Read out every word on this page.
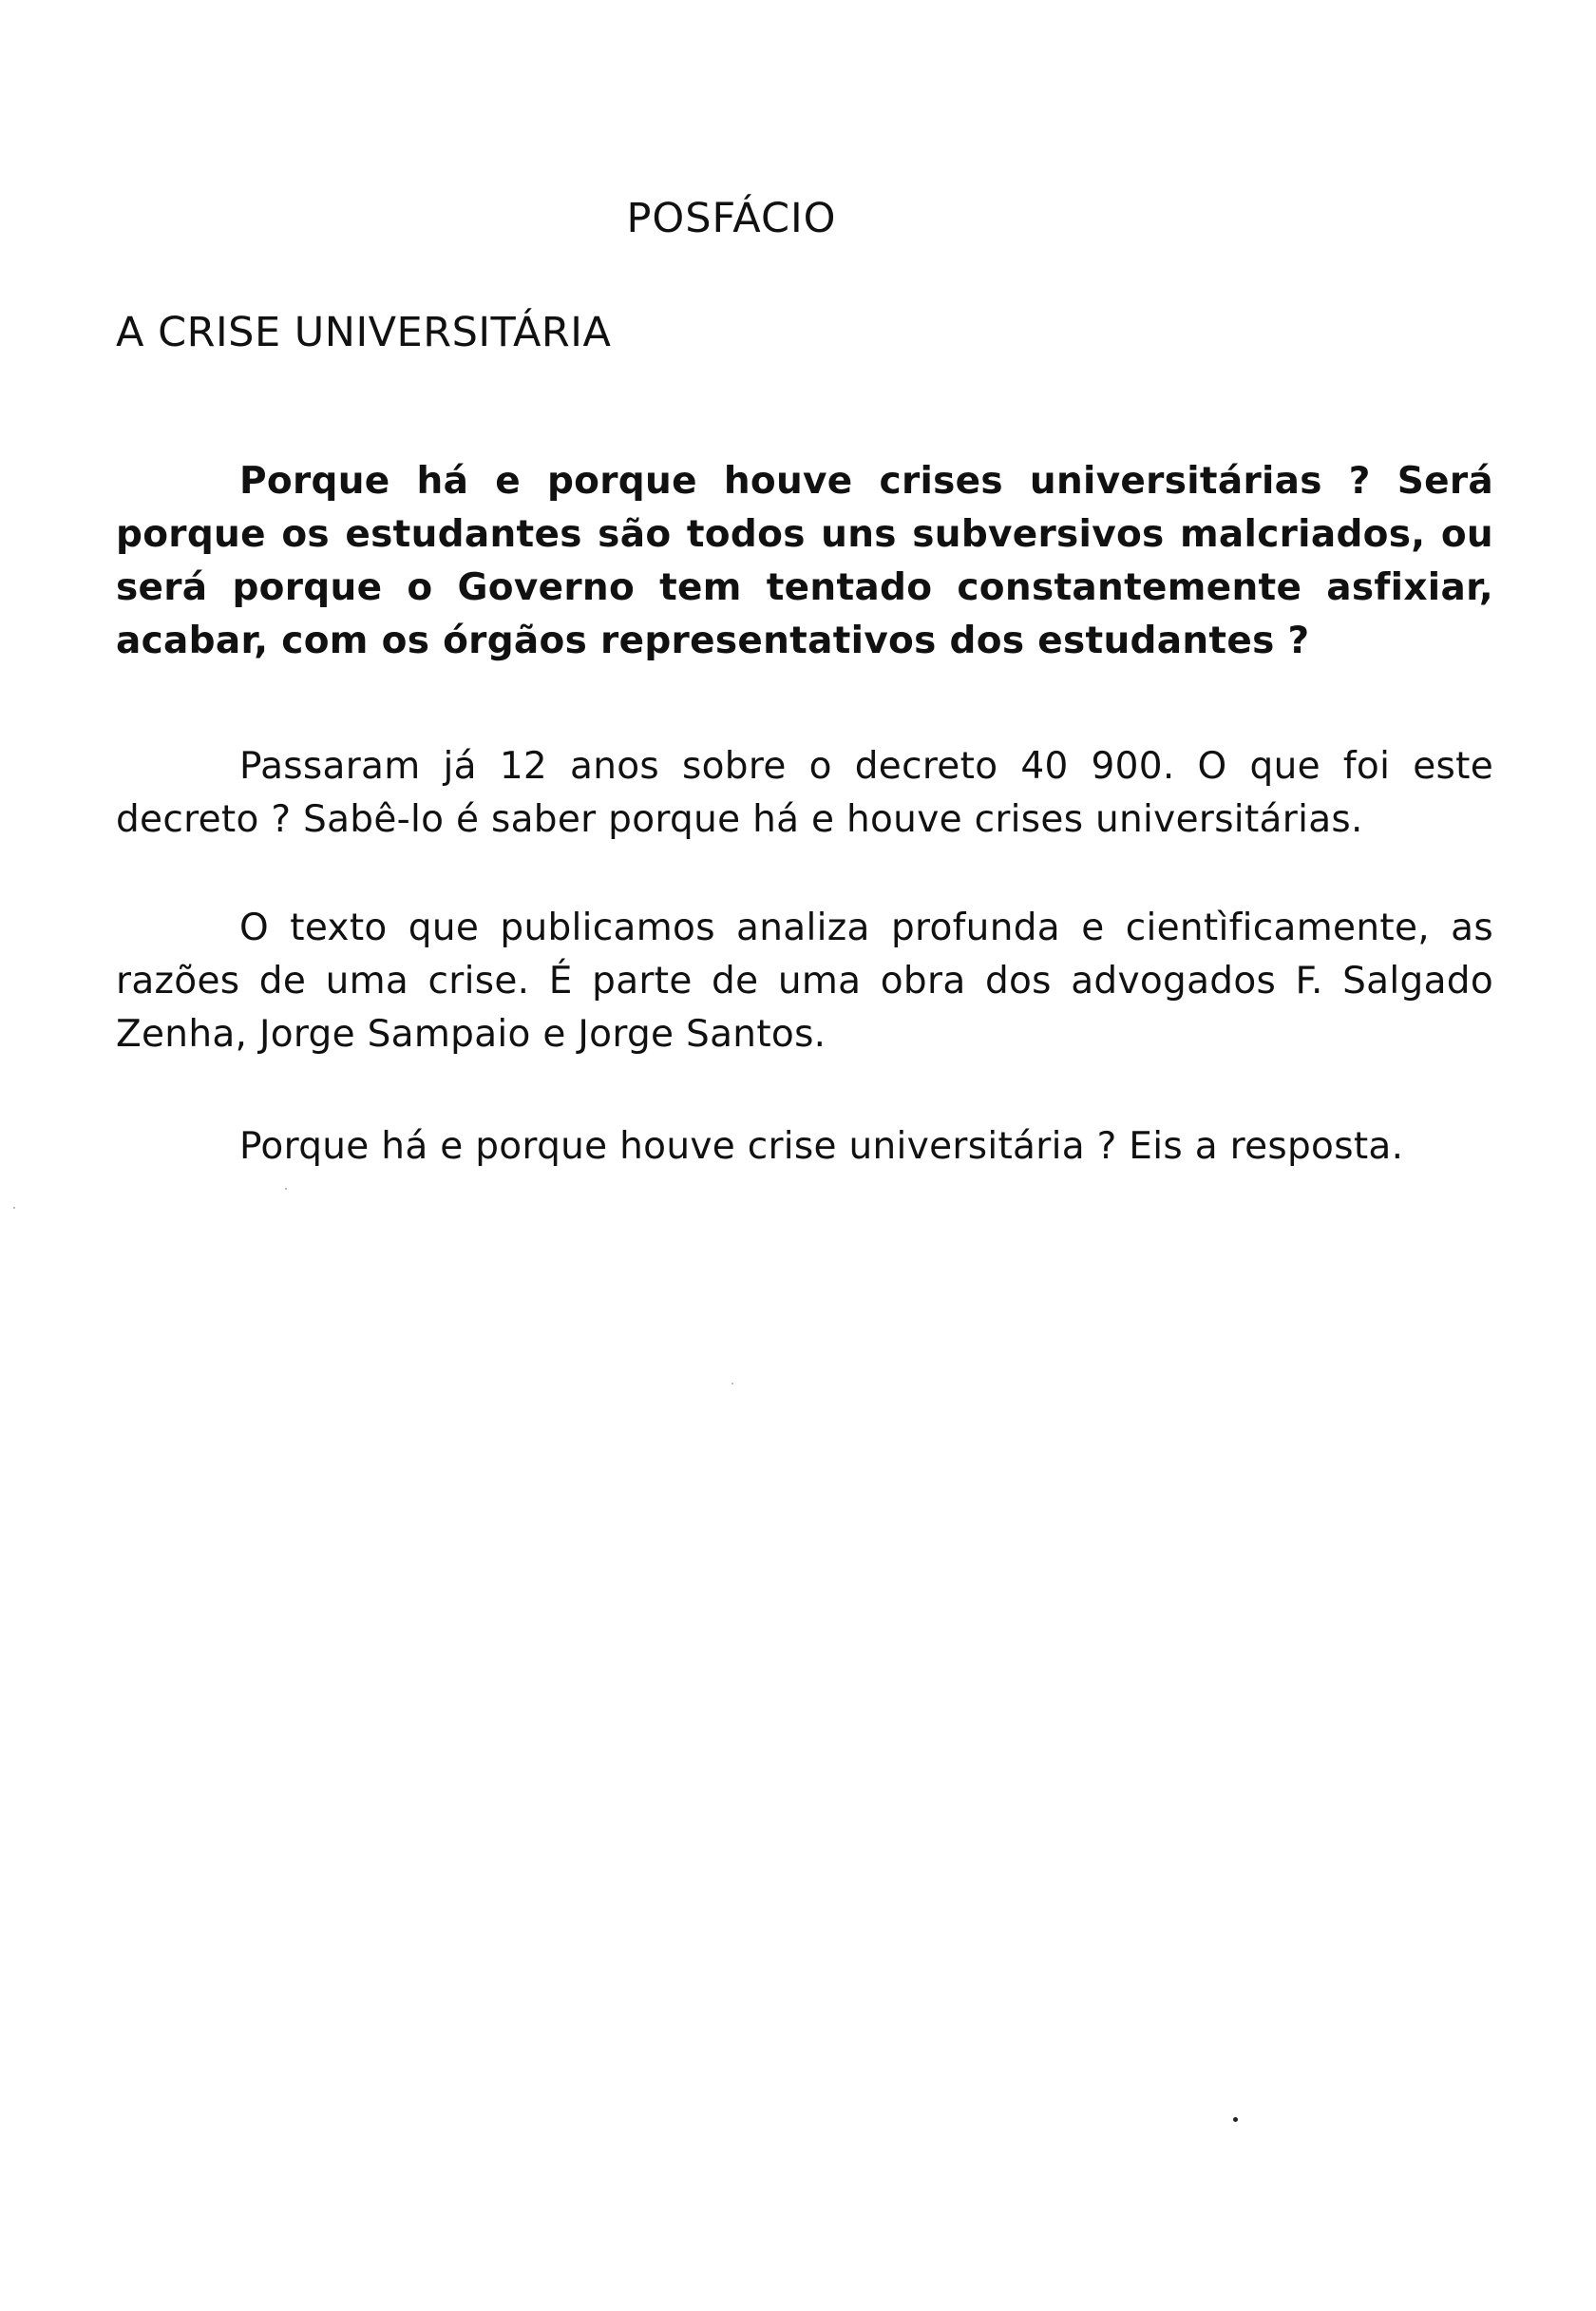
POSFÁCIO
A CRISE UNIVERSITÁRIA

Porque há e porque houve crises universitárias ? Será porque os estudantes são todos uns subversivos malcriados, ou será porque o Governo tem tentado constantemente asfixiar, acabar, com os órgãos representativos dos estudantes ?

Passaram já 12 anos sobre o decreto 40 900. O que foi este decreto ? Sabê-lo é saber porque há e houve crises universitárias.

O texto que publicamos analiza profunda e cientìficamente, as razões de uma crise. É parte de uma obra dos advogados F. Salgado Zenha, Jorge Sampaio e Jorge Santos.

Porque há e porque houve crise universitária ? Eis a resposta.
